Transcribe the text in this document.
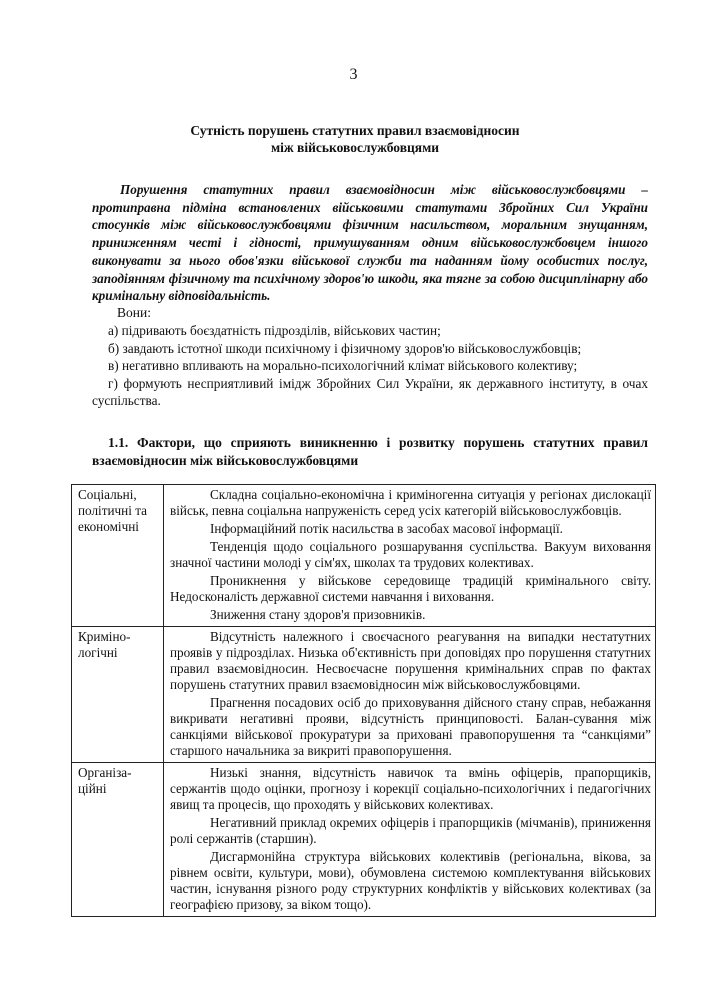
3
Сутність порушень статутних правил взаємовідносин
між військовослужбовцями
Порушення статутних правил взаємовідносин між військовослужбовцями – протиправна підміна встановлених військовими статутами Збройних Сил України стосунків між військовослужбовцями фізичним насильством, моральним знущанням, приниженням честі і гідності, примушуванням одним військовослужбовцем іншого виконувати за нього обов'язки військової служби та наданням йому особистих послуг, заподіянням фізичному та психічному здоров'ю шкоди, яка тягне за собою дисциплінарну або кримінальну відповідальність.
Вони:
а) підривають боєздатність підрозділів, військових частин;
б) завдають істотної шкоди психічному і фізичному здоров'ю військовослужбовців;
в) негативно впливають на морально-психологічний клімат військового колективу;
г) формують несприятливий імідж Збройних Сил України, як державного інституту, в очах суспільства.
1.1. Фактори, що сприяють виникненню і розвитку порушень статутних правил взаємовідносин між військовослужбовцями
Соціальні, політичні та економічні	Складна соціально-економічна і криміногенна ситуація у регіонах дислокації військ, певна соціальна напруженість серед усіх категорій військовослужбовців.

Інформаційний потік насильства в засобах масової інформації.

Тенденція щодо соціального розшарування суспільства. Вакуум виховання значної частини молоді у сім'ях, школах та трудових колективах.

Проникнення у військове середовище традицій кримінального світу. Недосконалість державної системи навчання і виховання.

Зниження стану здоров'я призовників.

Криміно-логічні	Відсутність належного і своєчасного реагування на випадки нестатутних проявів у підрозділах. Низька об'єктивність при доповідях про порушення статутних правил взаємовідносин. Несвоєчасне порушення кримінальних справ по фактах порушень статутних правил взаємовідносин між військовослужбовцями.

Прагнення посадових осіб до приховування дійсного стану справ, небажання викривати негативні прояви, відсутність принциповості. Балан-сування між санкціями військової прокуратури за приховані правопорушення та “санкціями” старшого начальника за викриті правопорушення.

Організа-ційні	Низькі знання, відсутність навичок та вмінь офіцерів, прапорщиків, сержантів щодо оцінки, прогнозу і корекції соціально-психологічних і педагогічних явищ та процесів, що проходять у військових колективах.

Негативний приклад окремих офіцерів і прапорщиків (мічманів), приниження ролі сержантів (старшин).

Дисгармонійна структура військових колективів (регіональна, вікова, за рівнем освіти, культури, мови), обумовлена системою комплектування військових частин, існування різного роду структурних конфліктів у військових колективах (за географією призову, за віком тощо).
